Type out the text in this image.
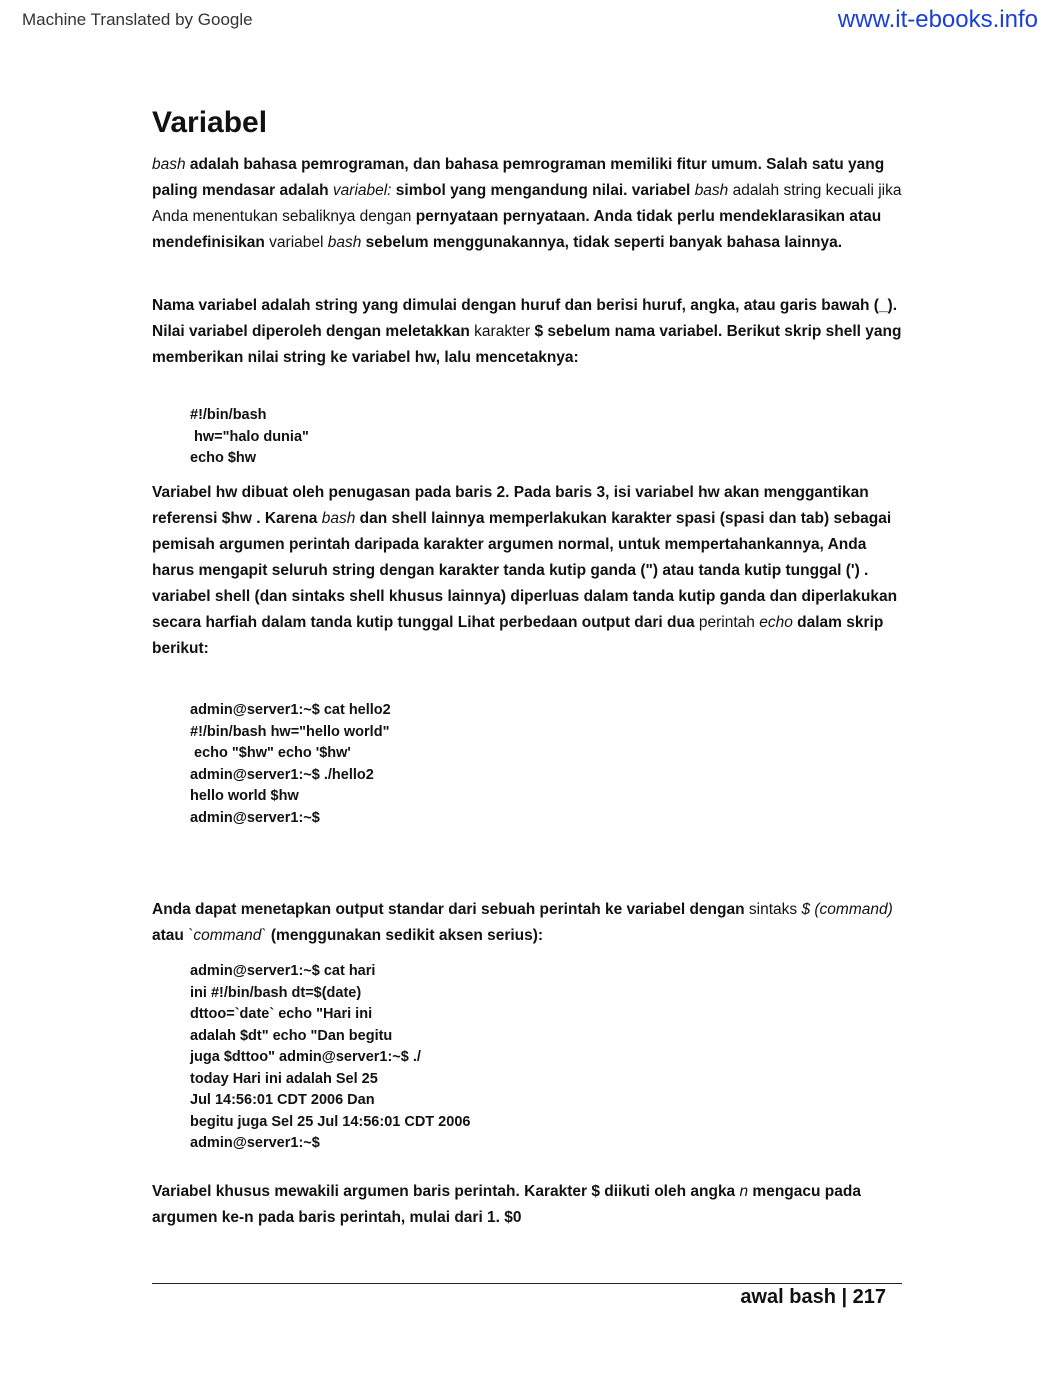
Machine Translated by Google	www.it-ebooks.info
Variabel

bash adalah bahasa pemrograman, dan bahasa pemrograman memiliki fitur umum. Salah satu yang paling mendasar adalah variabel: simbol yang mengandung nilai. variabel bash adalah string kecuali jika Anda menentukan sebaliknya dengan pernyataan pernyataan. Anda tidak perlu mendeklarasikan atau mendefinisikan variabel bash sebelum menggunakannya, tidak seperti banyak bahasa lainnya.

Nama variabel adalah string yang dimulai dengan huruf dan berisi huruf, angka, atau garis bawah (_). Nilai variabel diperoleh dengan meletakkan karakter $ sebelum nama variabel. Berikut skrip shell yang memberikan nilai string ke variabel hw, lalu mencetaknya:

#!/bin/bash
hw="halo dunia"
echo $hw

Variabel hw dibuat oleh penugasan pada baris 2. Pada baris 3, isi variabel hw akan menggantikan referensi $hw . Karena bash dan shell lainnya memperlakukan karakter spasi (spasi dan tab) sebagai pemisah argumen perintah daripada karakter argumen normal, untuk mempertahankannya, Anda harus mengapit seluruh string dengan karakter tanda kutip ganda (") atau tanda kutip tunggal (') . variabel shell (dan sintaks shell khusus lainnya) diperluas dalam tanda kutip ganda dan diperlakukan secara harfiah dalam tanda kutip tunggal Lihat perbedaan output dari dua perintah echo dalam skrip berikut:

admin@server1:~$ cat hello2
#!/bin/bash hw="hello world"
echo "$hw" echo '$hw'
admin@server1:~$ ./hello2
hello world $hw
admin@server1:~$

Anda dapat menetapkan output standar dari sebuah perintah ke variabel dengan sintaks $ (command) atau `command` (menggunakan sedikit aksen serius):

admin@server1:~$ cat hari
ini #!/bin/bash dt=$(date)
dttoo=`date` echo "Hari ini
adalah $dt" echo "Dan begitu
juga $dttoo" admin@server1:~$ ./
today Hari ini adalah Sel 25
Jul 14:56:01 CDT 2006 Dan
begitu juga Sel 25 Jul 14:56:01 CDT 2006
admin@server1:~$

Variabel khusus mewakili argumen baris perintah. Karakter $ diikuti oleh angka n mengacu pada argumen ke-n pada baris perintah, mulai dari 1. $0

awal bash | 217
